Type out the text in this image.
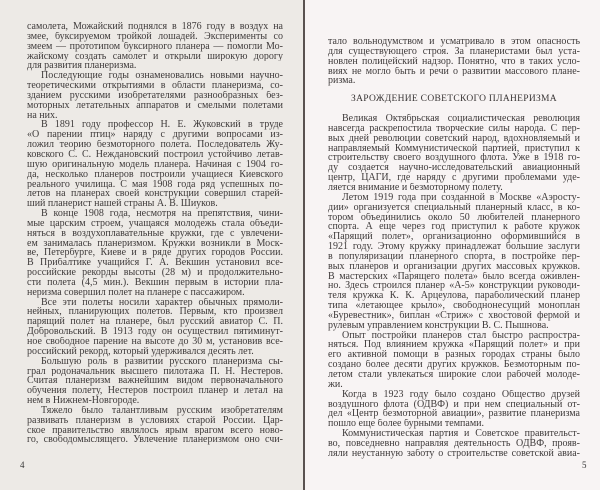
самолета, Можайский поднялся в 1876 году в воздух на
змее, буксируемом тройкой лошадей. Эксперименты со
змеем — прототипом буксирного планера — помогли Мо-
жайскому создать самолет и открыли широкую дорогу
для развития планеризма.
Последующие годы ознаменовались новыми научно-
теоретическими открытиями в области планеризма, со-
зданием русскими изобретателями разнообразных без-
моторных летательных аппаратов и смелыми полетами
на них.
В 1891 году профессор Н. Е. Жуковский в труде
«О парении птиц» наряду с другими вопросами из-
ложил теорию безмоторного полета. Последователь Жу-
ковского С. С. Неждановский построил устойчиво летав-
шую оригинальную модель планера. Начиная с 1904 го-
да, несколько планеров построили учащиеся Киевского
реального училища. С мая 1908 года ряд успешных по-
летов на планерах своей конструкции совершил старей-
ший планерист нашей страны А. В. Шиуков.
В конце 1908 года, несмотря на препятствия, чини-
мые царским строем, учащаяся молодежь стала объеди-
няться в воздухоплавательные кружки, где с увлечени-
ем занималась планеризмом. Кружки возникли в Моск-
ве, Петербурге, Киеве и в ряде других городов России.
В Прибалтике учащийся Г. А. Векшин установил все-
российские рекорды высоты (28 м) и продолжительно-
сти полета (4,5 мин.). Векшин первым в истории пла-
неризма совершил полет на планере с пассажиром.
Все эти полеты носили характер обычных прямоли-
нейных, планирующих полетов. Первым, кто произвел
парящий полет на планере, был русский авиатор С. П.
Добровольский. В 1913 году он осуществил пятиминут-
ное свободное парение на высоте до 30 м, установив все-
российский рекорд, который удерживался десять лет.
Большую роль в развитии русского планеризма сы-
грал родоначальник высшего пилотажа П. Н. Нестеров.
Считая планеризм важнейшим видом первоначального
обучения полету, Нестеров построил планер и летал на
нем в Нижнем-Новгороде.
Тяжело было талантливым русским изобретателям
развивать планеризм в условиях старой России. Цар-
ское правительство являлось ярым врагом всего ново-
го, свободомыслящего. Увлечение планеризмом оно счи-
4
тало вольнодумством и усматривало в этом опасность
для существующего строя. За планеристами был уста-
новлен полицейский надзор. Понятно, что в таких усло-
виях не могло быть и речи о развитии массового плане-
ризма.
ЗАРОЖДЕНИЕ СОВЕТСКОГО ПЛАНЕРИЗМА
Великая Октябрьская социалистическая революция
навсегда раскрепостила творческие силы народа. С пер-
вых дней революции советский народ, вдохновляемый и
направляемый Коммунистической партией, приступил к
строительству своего воздушного флота. Уже в 1918 го-
ду создается научно-исследовательский авиационный
центр, ЦАГИ, где наряду с другими проблемами уде-
ляется внимание и безмоторному полету.
Летом 1919 года при созданной в Москве «Аэросту-
дии» организуется специальный планерный класс, в ко-
тором объединились около 50 любителей планерного
спорта. А еще через год приступил к работе кружок
«Парящий полет», организационно оформившийся в
1921 году. Этому кружку принадлежат большие заслуги
в популяризации планерного спорта, в постройке пер-
вых планеров и организации других массовых кружков.
В мастерских «Парящего полета» было всегда оживлен-
но. Здесь строился планер «А-5» конструкции руководи-
теля кружка К. К. Арцеулова, параболический планер
типа «летающее крыло», свободнонесущий моноплан
«Буревестник», биплан «Стриж» с хвостовой фермой и
рулевым управлением конструкции В. С. Пышнова.
Опыт постройки планеров стал быстро распростра-
няться. Под влиянием кружка «Парящий полет» и при
его активной помощи в разных городах страны было
создано более десяти других кружков. Безмоторным по-
летом стали увлекаться широкие слои рабочей молоде-
жи.
Когда в 1923 году было создано Общество друзей
воздушного флота (ОДВФ) и при нем специальный от-
дел «Центр безмоторной авиации», развитие планеризма
пошло еще более бурными темпами.
Коммунистическая партия и Советское правительст-
во, повседневно направляя деятельность ОДВФ, прояв-
ляли неустанную заботу о строительстве советской авиа-
5
